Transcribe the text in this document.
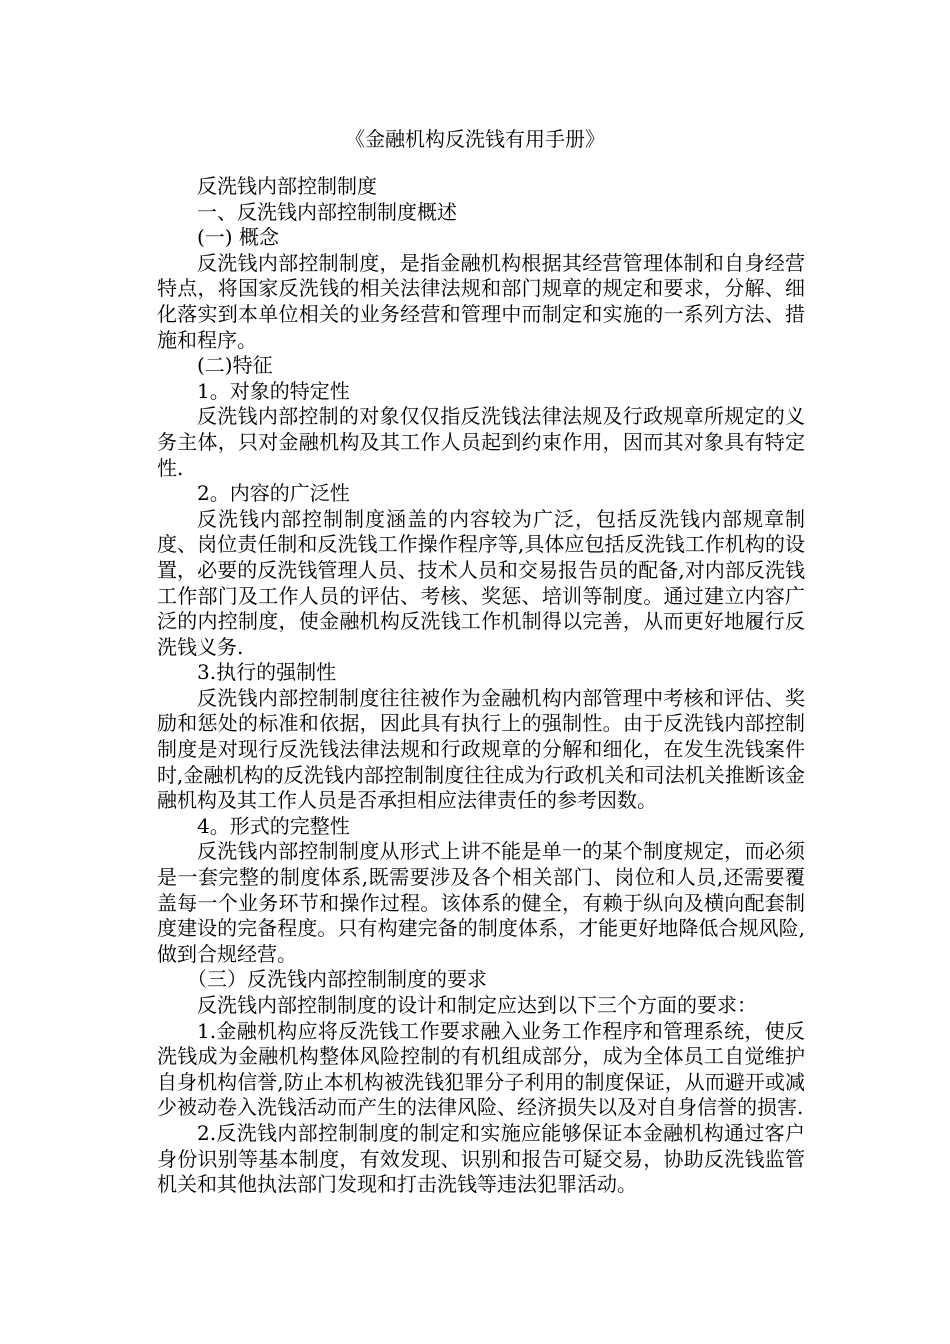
《金融机构反洗钱有用手册》

反洗钱内部控制制度

一、反洗钱内部控制制度概述

(一) 概念

反洗钱内部控制制度，是指金融机构根据其经营管理体制和自身经营特点，将国家反洗钱的相关法律法规和部门规章的规定和要求，分解、细化落实到本单位相关的业务经营和管理中而制定和实施的一系列方法、措施和程序。

(二)特征

1。对象的特定性

反洗钱内部控制的对象仅仅指反洗钱法律法规及行政规章所规定的义务主体，只对金融机构及其工作人员起到约束作用，因而其对象具有特定性.

2。内容的广泛性

反洗钱内部控制制度涵盖的内容较为广泛，包括反洗钱内部规章制度、岗位责任制和反洗钱工作操作程序等,具体应包括反洗钱工作机构的设置，必要的反洗钱管理人员、技术人员和交易报告员的配备,对内部反洗钱工作部门及工作人员的评估、考核、奖惩、培训等制度。通过建立内容广泛的内控制度，使金融机构反洗钱工作机制得以完善，从而更好地履行反洗钱义务.

3.执行的强制性

反洗钱内部控制制度往往被作为金融机构内部管理中考核和评估、奖励和惩处的标准和依据，因此具有执行上的强制性。由于反洗钱内部控制制度是对现行反洗钱法律法规和行政规章的分解和细化，在发生洗钱案件时,金融机构的反洗钱内部控制制度往往成为行政机关和司法机关推断该金融机构及其工作人员是否承担相应法律责任的参考因数。

4。形式的完整性

反洗钱内部控制制度从形式上讲不能是单一的某个制度规定，而必须是一套完整的制度体系,既需要涉及各个相关部门、岗位和人员,还需要覆盖每一个业务环节和操作过程。该体系的健全，有赖于纵向及横向配套制度建设的完备程度。只有构建完备的制度体系，才能更好地降低合规风险,做到合规经营。

（三）反洗钱内部控制制度的要求

反洗钱内部控制制度的设计和制定应达到以下三个方面的要求：

1.金融机构应将反洗钱工作要求融入业务工作程序和管理系统，使反洗钱成为金融机构整体风险控制的有机组成部分，成为全体员工自觉维护自身机构信誉,防止本机构被洗钱犯罪分子利用的制度保证，从而避开或减少被动卷入洗钱活动而产生的法律风险、经济损失以及对自身信誉的损害.

2.反洗钱内部控制制度的制定和实施应能够保证本金融机构通过客户身份识别等基本制度，有效发现、识别和报告可疑交易，协助反洗钱监管机关和其他执法部门发现和打击洗钱等违法犯罪活动。
